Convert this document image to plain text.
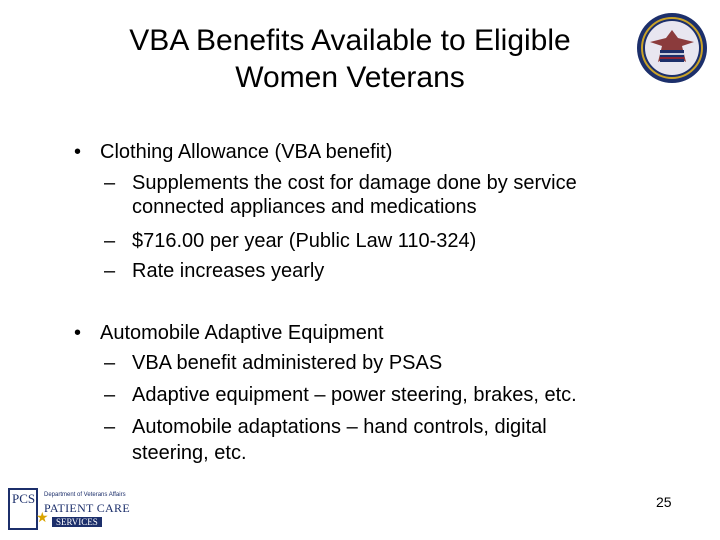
VBA Benefits Available to Eligible
Women Veterans
• Clothing Allowance (VBA benefit)
– Supplements the cost for damage done by service
connected appliances and medications
– $716.00 per year (Public Law 110-324)
– Rate increases yearly
• Automobile Adaptive Equipment
– VBA benefit administered by PSAS
– Adaptive equipment – power steering, brakes, etc.
– Automobile adaptations – hand controls, digital
steering, etc.
PCS
★
Department of Veterans Affairs
PATIENT CARE
SERVICES
25
